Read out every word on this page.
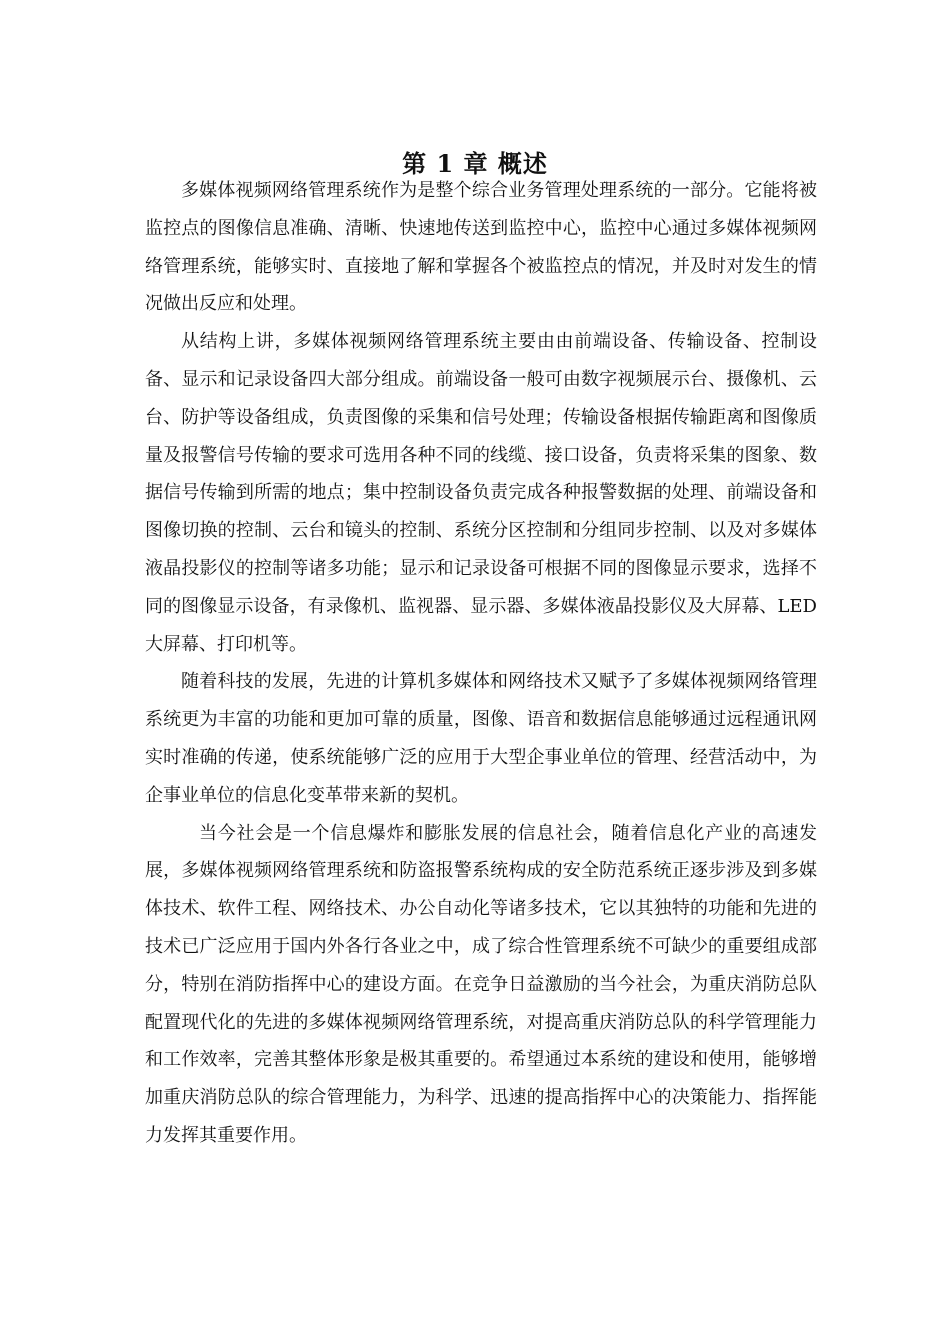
第 1 章 概述

多媒体视频网络管理系统作为是整个综合业务管理处理系统的一部分。它能将被监控点的图像信息准确、清晰、快速地传送到监控中心，监控中心通过多媒体视频网络管理系统，能够实时、直接地了解和掌握各个被监控点的情况，并及时对发生的情况做出反应和处理。

从结构上讲，多媒体视频网络管理系统主要由由前端设备、传输设备、控制设备、显示和记录设备四大部分组成。前端设备一般可由数字视频展示台、摄像机、云台、防护等设备组成，负责图像的采集和信号处理；传输设备根据传输距离和图像质量及报警信号传输的要求可选用各种不同的线缆、接口设备，负责将采集的图象、数据信号传输到所需的地点；集中控制设备负责完成各种报警数据的处理、前端设备和图像切换的控制、云台和镜头的控制、系统分区控制和分组同步控制、以及对多媒体液晶投影仪的控制等诸多功能；显示和记录设备可根据不同的图像显示要求，选择不同的图像显示设备，有录像机、监视器、显示器、多媒体液晶投影仪及大屏幕、LED 大屏幕、打印机等。

随着科技的发展，先进的计算机多媒体和网络技术又赋予了多媒体视频网络管理系统更为丰富的功能和更加可靠的质量，图像、语音和数据信息能够通过远程通讯网实时准确的传递，使系统能够广泛的应用于大型企事业单位的管理、经营活动中，为企事业单位的信息化变革带来新的契机。

当今社会是一个信息爆炸和膨胀发展的信息社会，随着信息化产业的高速发展，多媒体视频网络管理系统和防盗报警系统构成的安全防范系统正逐步涉及到多媒体技术、软件工程、网络技术、办公自动化等诸多技术，它以其独特的功能和先进的技术已广泛应用于国内外各行各业之中，成了综合性管理系统不可缺少的重要组成部分，特别在消防指挥中心的建设方面。在竞争日益激励的当今社会，为重庆消防总队配置现代化的先进的多媒体视频网络管理系统，对提高重庆消防总队的科学管理能力和工作效率，完善其整体形象是极其重要的。希望通过本系统的建设和使用，能够增加重庆消防总队的综合管理能力，为科学、迅速的提高指挥中心的决策能力、指挥能力发挥其重要作用。
